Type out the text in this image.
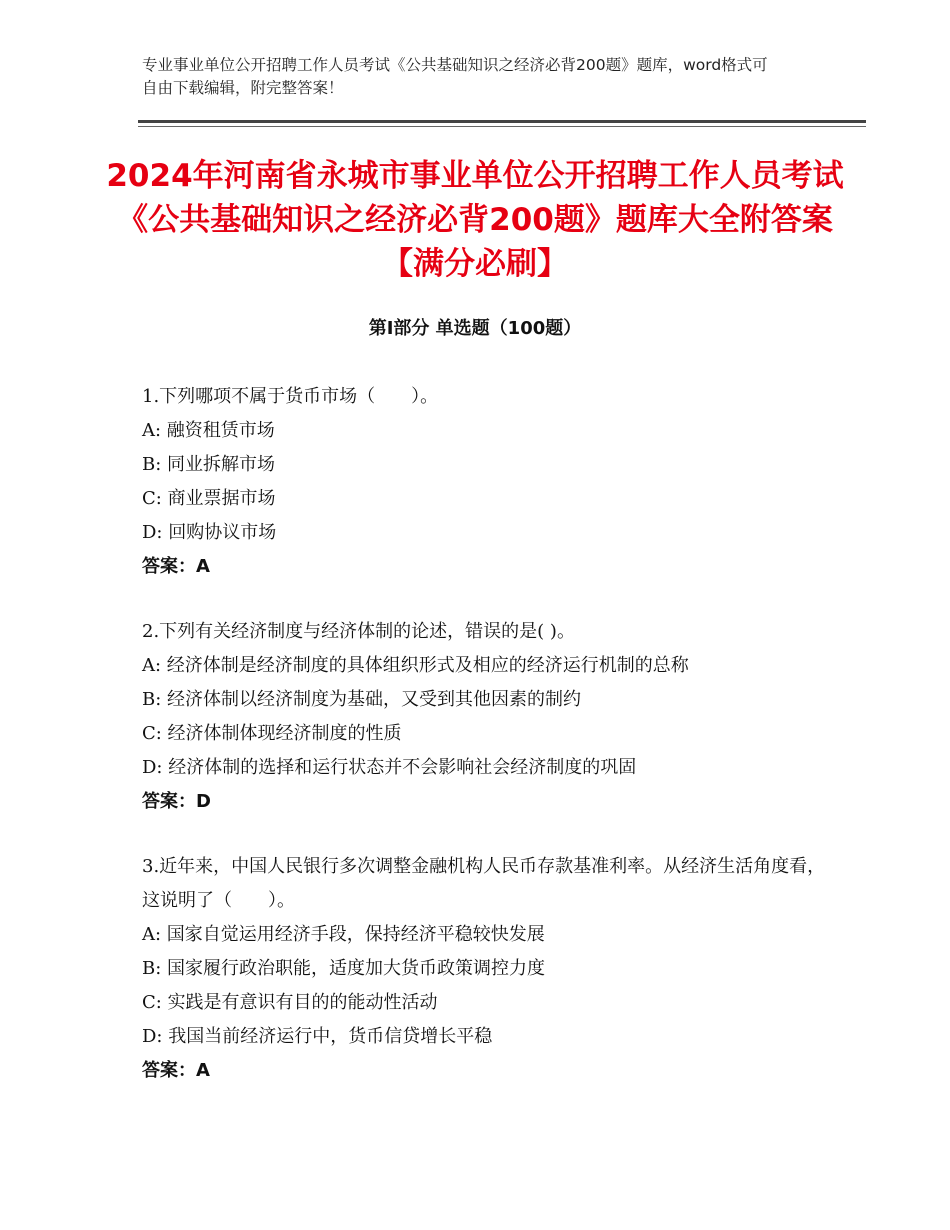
专业事业单位公开招聘工作人员考试《公共基础知识之经济必背200题》题库，word格式可自由下载编辑，附完整答案！
2024年河南省永城市事业单位公开招聘工作人员考试《公共基础知识之经济必背200题》题库大全附答案【满分必刷】
第Ⅰ部分 单选题（100题）
1.下列哪项不属于货币市场（　　）。
A: 融资租赁市场
B: 同业拆解市场
C: 商业票据市场
D: 回购协议市场
答案：A
2.下列有关经济制度与经济体制的论述，错误的是( )。
A: 经济体制是经济制度的具体组织形式及相应的经济运行机制的总称
B: 经济体制以经济制度为基础，又受到其他因素的制约
C: 经济体制体现经济制度的性质
D: 经济体制的选择和运行状态并不会影响社会经济制度的巩固
答案：D
3.近年来，中国人民银行多次调整金融机构人民币存款基准利率。从经济生活角度看，这说明了（　　）。
A: 国家自觉运用经济手段，保持经济平稳较快发展
B: 国家履行政治职能，适度加大货币政策调控力度
C: 实践是有意识有目的的能动性活动
D: 我国当前经济运行中，货币信贷增长平稳
答案：A
